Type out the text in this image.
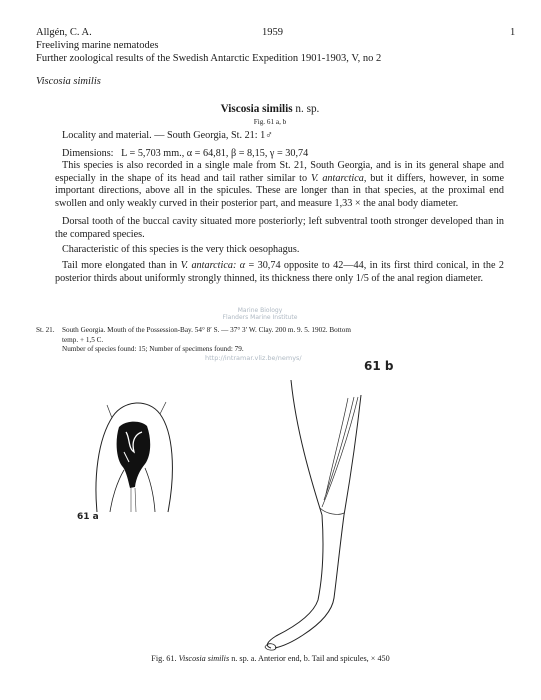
Allgén, C. A.	1959	1
Freeliving marine nematodes
Further zoological results of the Swedish Antarctic Expedition 1901-1903, V, no 2
Viscosia similis
Viscosia similis n. sp.
Fig. 61 a, b
Locality and material. — South Georgia, St. 21: 1♂
Dimensions: L = 5,703 mm., α = 64,81, β = 8,15, γ = 30,74
This species is also recorded in a single male from St. 21, South Georgia, and is in its general shape and especially in the shape of its head and tail rather similar to V. antarctica, but it differs, however, in some important directions, above all in the spicules. These are longer than in that species, at the proximal end swollen and only weakly curved in their posterior part, and measure 1,33 × the anal body diameter.
Dorsal tooth of the buccal cavity situated more posteriorly; left subventral tooth stronger developed than in the compared species.
Characteristic of this species is the very thick oesophagus.
Tail more elongated than in V. antarctica: α = 30,74 opposite to 42—44, in its first third conical, in the 2 posterior thirds about uniformly strongly thinned, its thickness there only 1/5 of the anal region diameter.
Marine Biology
Flanders Marine Institute
http://intramar.vliz.be/nemys/
St. 21. South Georgia. Mouth of the Possession-Bay. 54° 8′ S. — 37° 3′ W. Clay. 200 m. 9. 5. 1902. Bottom
temp. + 1,5 C.
Number of species found: 15; Number of specimens found: 79.
61 a
61 b
Fig. 61. Viscosia similis n. sp. a. Anterior end, b. Tail and spicules, × 450
